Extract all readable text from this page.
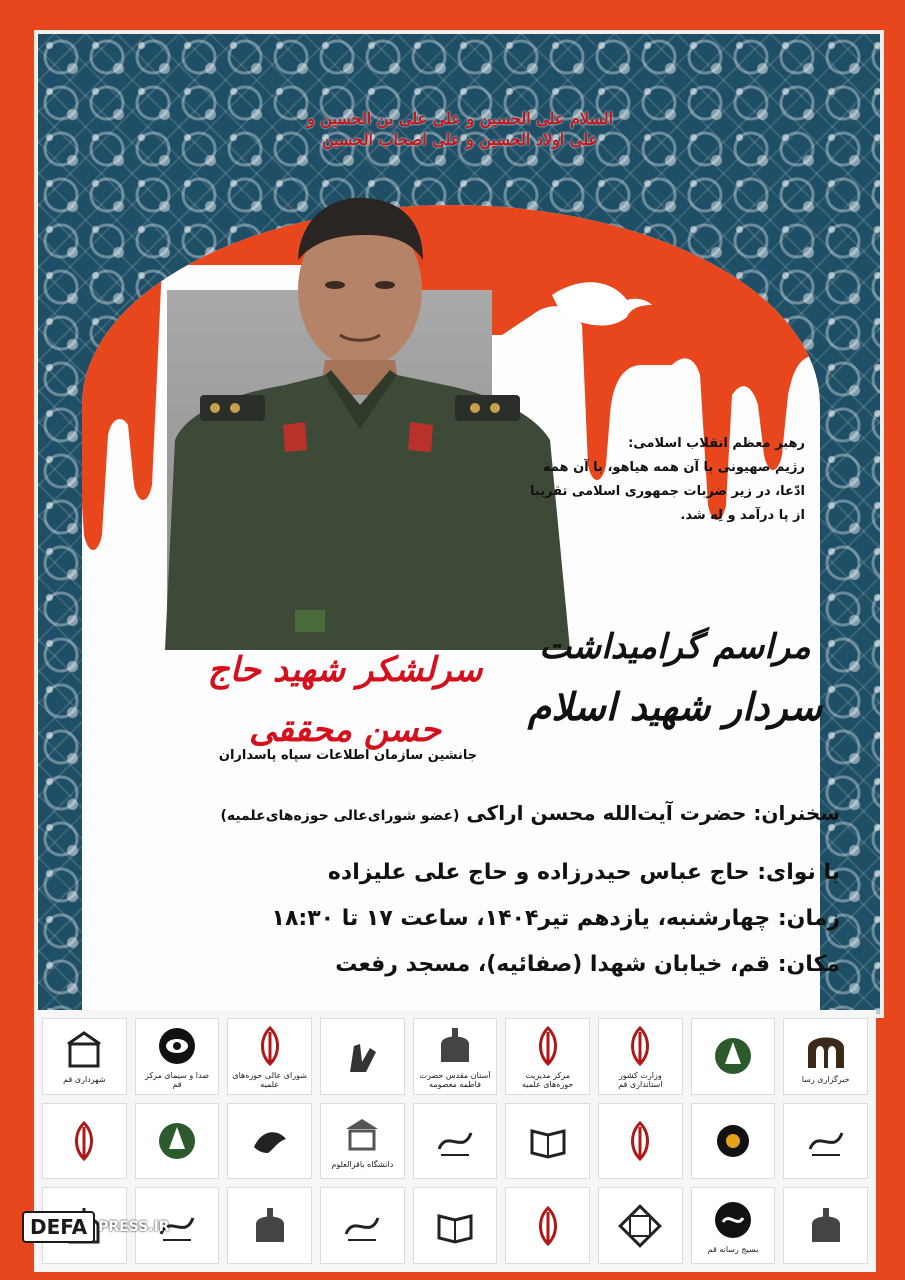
السلام علی الحسین و علی علی بن الحسین و علی اولاد الحسین و علی اصحاب الحسین
رهبر معظم انقلاب اسلامی:
رژیم صهیونی با آن همه هیاهو، با آن همه
ادّعا، در زیر ضربات جمهوری اسلامی تقریبا
از پا درآمد و لِه شد.
مراسم گرامیداشت
سردار شهید اسلام
سرلشکر شهید حاج حسن محققی
جانشین سازمان اطلاعات سپاه پاسداران
سخنران: حضرت آیت‌الله محسن اراکی (عضو شورای‌عالی حوزه‌های‌علمیه)
با نوای: حاج عباس حیدرزاده و حاج علی علیزاده
زمان: چهارشنبه، یازدهم تیر۱۴۰۴، ساعت ۱۷ تا ۱۸:۳۰
مکان: قم، خیابان شهدا (صفائیه)، مسجد رفعت
شهرداری قم
صدا و سیمای مرکز قم
شورای عالی حوزه‌های علمیه
آستان مقدس حضرت فاطمه معصومه
مرکز مدیریت حوزه‌های علمیه
وزارت کشور استانداری قم
خبرگزاری رسا
دانشگاه باقرالعلوم
بسیج رسانه قم
DEFA PRESS.IR
